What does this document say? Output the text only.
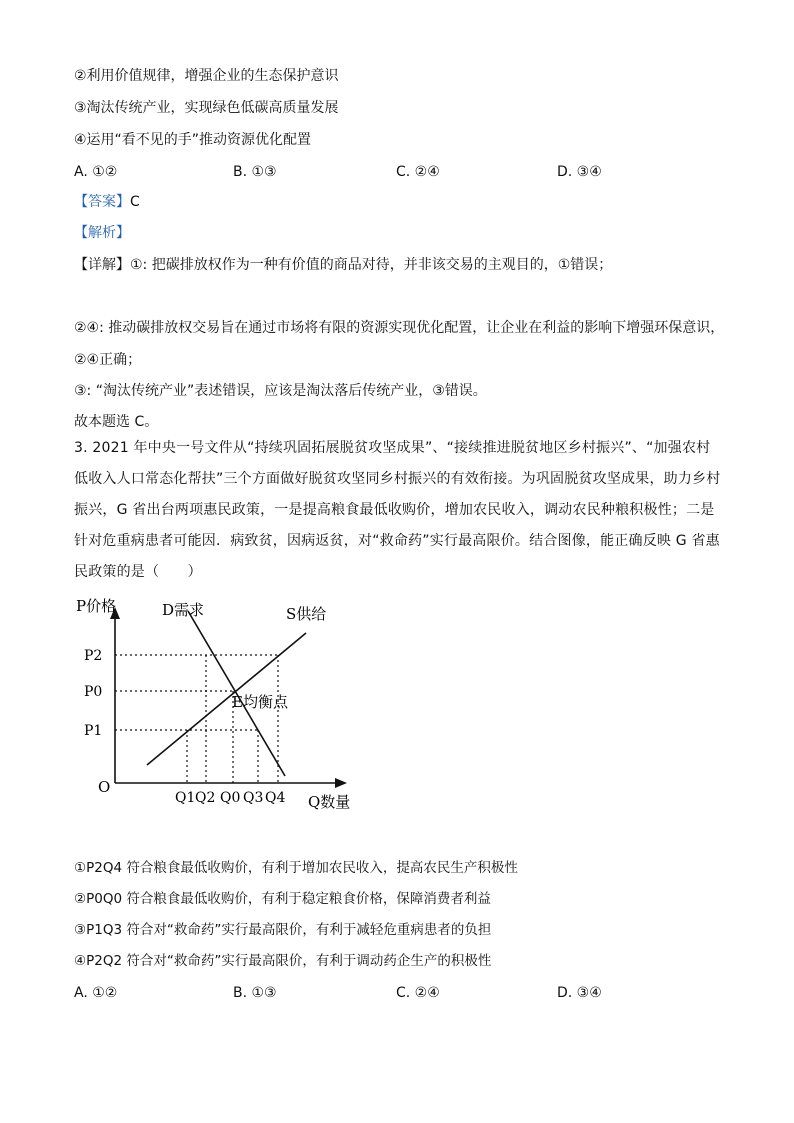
②利用价值规律，增强企业的生态保护意识
③淘汰传统产业，实现绿色低碳高质量发展
④运用“看不见的手”推动资源优化配置
A. ①②	B. ①③	C. ②④	D. ③④
【答案】C
【解析】
【详解】①: 把碳排放权作为一种有价值的商品对待，并非该交易的主观目的，①错误；
②④: 推动碳排放权交易旨在通过市场将有限的资源实现优化配置，让企业在利益的影响下增强环保意识，
②④正确；
③: “淘汰传统产业”表述错误，应该是淘汰落后传统产业，③错误。
故本题选 C。
3. 2021 年中央一号文件从“持续巩固拓展脱贫攻坚成果”、“接续推进脱贫地区乡村振兴”、“加强农村低收入人口常态化帮扶”三个方面做好脱贫攻坚同乡村振兴的有效衔接。为巩固脱贫攻坚成果，助力乡村振兴，G 省出台两项惠民政策，一是提高粮食最低收购价，增加农民收入，调动农民种粮积极性；二是针对危重病患者可能因．病致贫，因病返贫，对“救命药”实行最高限价。结合图像，能正确反映 G 省惠民政策的是（　　）
P价格
Q数量
O
D需求	S供给
E均衡点
P2
P0
P1
Q1 Q2 Q0 Q3 Q4
①P2Q4 符合粮食最低收购价，有利于增加农民收入，提高农民生产积极性
②P0Q0 符合粮食最低收购价，有利于稳定粮食价格，保障消费者利益
③P1Q3 符合对“救命药”实行最高限价，有利于减轻危重病患者的负担
④P2Q2 符合对“救命药”实行最高限价，有利于调动药企生产的积极性
A. ①②	B. ①③	C. ②④	D. ③④
